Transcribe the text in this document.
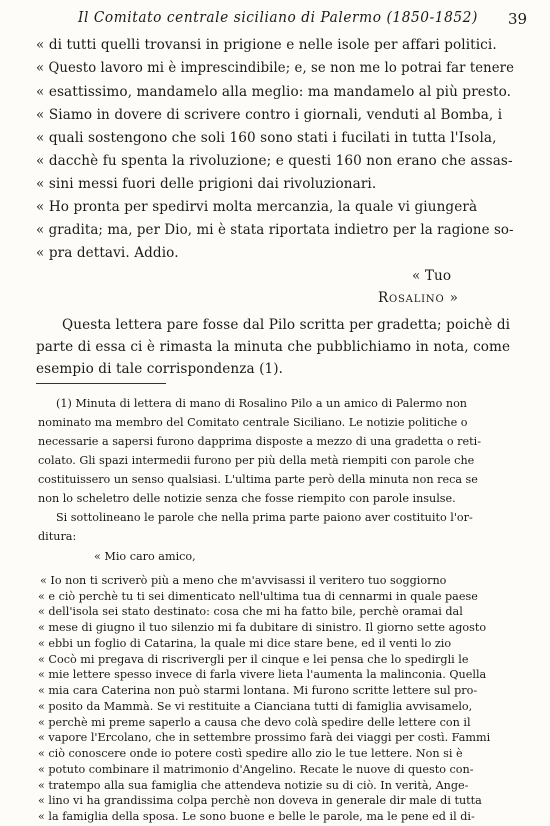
Il Comitato centrale siciliano di Palermo (1850-1852) 39
« di tutti quelli trovansi in prigione e nelle isole per affari politici.
« Questo lavoro mi è imprescindibile; e, se non me lo potrai far tenere
« esattissimo, mandamelo alla meglio: ma mandamelo al più presto.
« Siamo in dovere di scrivere contro i giornali, venduti al Bomba, i
« quali sostengono che soli 160 sono stati i fucilati in tutta l'Isola,
« dacchè fu spenta la rivoluzione; e questi 160 non erano che assas-
« sini messi fuori delle prigioni dai rivoluzionari.
« Ho pronta per spedirvi molta mercanzia, la quale vi giungerà
« gradita; ma, per Dio, mi è stata riportata indietro per la ragione so-
« pra dettavi. Addio.
« Tuo
Rosalino »
Questa lettera pare fosse dal Pilo scritta per gradetta; poichè di
parte di essa ci è rimasta la minuta che pubblichiamo in nota, come
esempio di tale corrispondenza (1).
(1) Minuta di lettera di mano di Rosalino Pilo a un amico di Palermo non
nominato ma membro del Comitato centrale Siciliano. Le notizie politiche o
necessarie a sapersi furono dapprima disposte a mezzo di una gradetta o reti-
colato. Gli spazi intermedii furono per più della metà riempiti con parole che
costituissero un senso qualsiasi. L'ultima parte però della minuta non reca se
non lo scheletro delle notizie senza che fosse riempito con parole insulse.
Si sottolineano le parole che nella prima parte paiono aver costituito l'or-
ditura:
« Mio caro amico,
« Io non ti scriverò più a meno che m'avvisassi il veritero tuo soggiorno
« e ciò perchè tu ti sei dimenticato nell'ultima tua di cennarmi in quale paese
« dell'isola sei stato destinato: cosa che mi ha fatto bile, perchè oramai dal
« mese di giugno il tuo silenzio mi fa dubitare di sinistro. Il giorno sette agosto
« ebbi un foglio di Catarina, la quale mi dice stare bene, ed il venti lo zio
« Cocò mi pregava di riscrivergli per il cinque e lei pensa che lo spedirgli le
« mie lettere spesso invece di farla vivere lieta l'aumenta la malinconia. Quella
« mia cara Caterina non può starmi lontana. Mi furono scritte lettere sul pro-
« posito da Mammà. Se vi restituite a Cianciana tutti di famiglia avvisamelo,
« perchè mi preme saperlo a causa che devo colà spedire delle lettere con il
« vapore l'Ercolano, che in settembre prossimo farà dei viaggi per costì. Fammi
« ciò conoscere onde io potere costì spedire allo zio le tue lettere. Non si è
« potuto combinare il matrimonio d'Angelino. Recate le nuove di questo con-
« tratempo alla sua famiglia che attendeva notizie su di ciò. In verità, Ange-
« lino vi ha grandissima colpa perchè non doveva in generale dir male di tutta
« la famiglia della sposa. Le sono buone e belle le parole, ma le pene ed il di-
